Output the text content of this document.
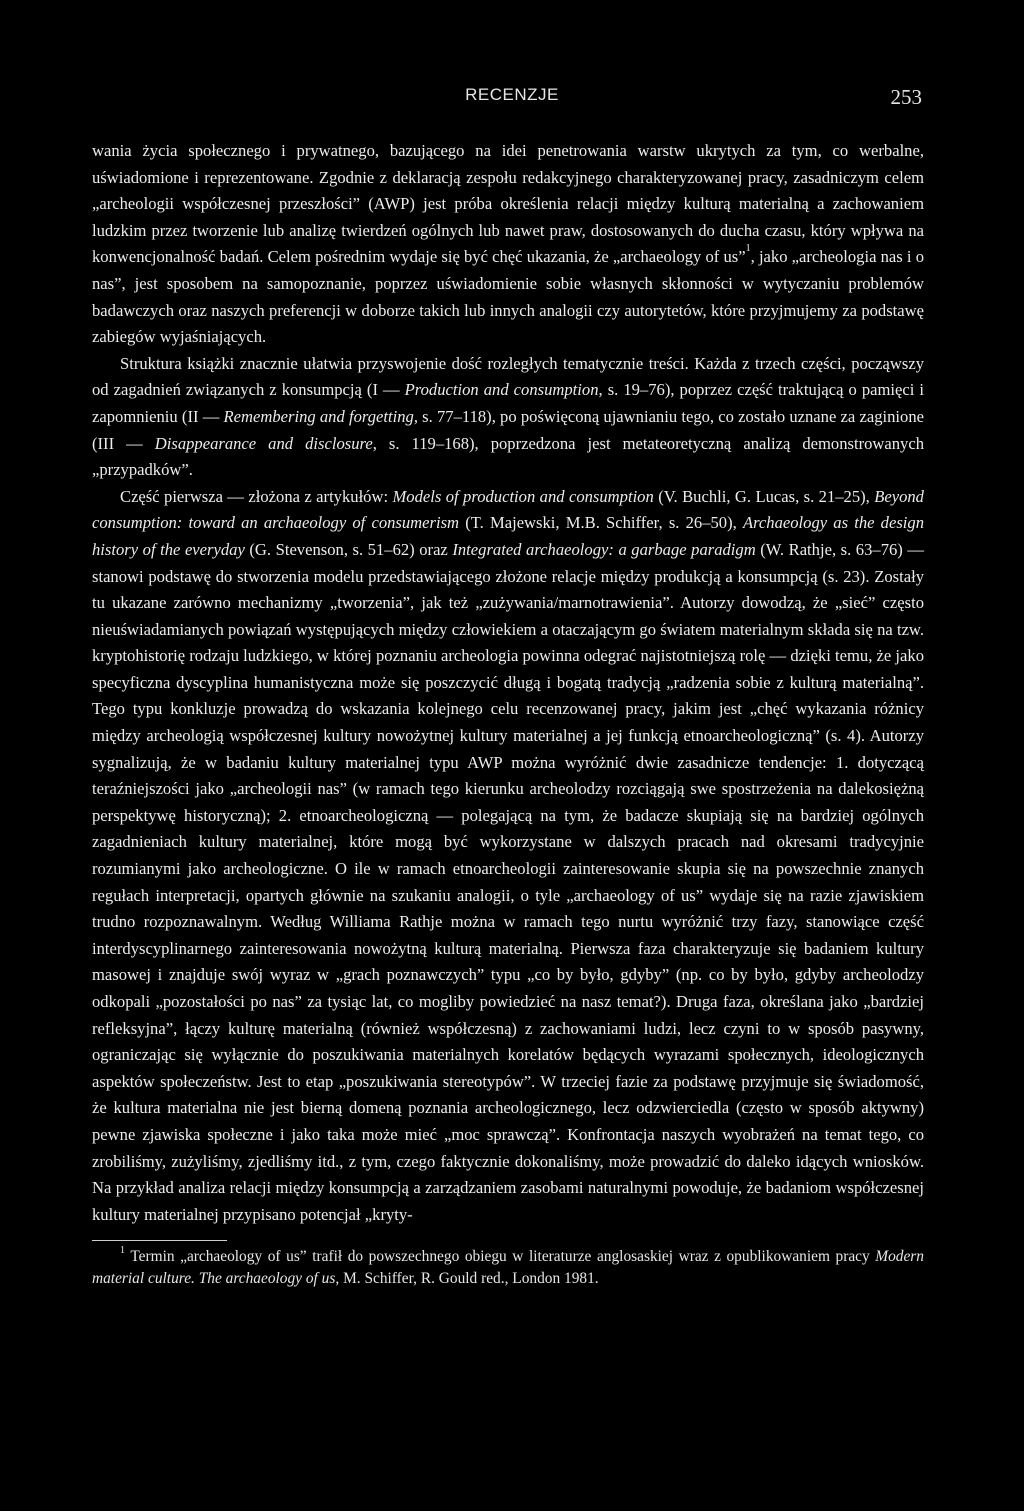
RECENZJE	253

wania życia społecznego i prywatnego, bazującego na idei penetrowania warstw ukrytych za tym, co werbalne, uświadomione i reprezentowane. Zgodnie z deklaracją zespołu redakcyjnego charakteryzowanej pracy, zasadniczym celem „archeologii współczesnej przeszłości” (AWP) jest próba określenia relacji między kulturą materialną a zachowaniem ludzkim przez tworzenie lub analizę twierdzeń ogólnych lub nawet praw, dostosowanych do ducha czasu, który wpływa na konwencjonalność badań. Celem pośrednim wydaje się być chęć ukazania, że „archaeology of us”$^1$, jako „archeologia nas i o nas”, jest sposobem na samopoznanie, poprzez uświadomienie sobie własnych skłonności w wytyczaniu problemów badawczych oraz naszych preferencji w doborze takich lub innych analogii czy autorytetów, które przyjmujemy za podstawę zabiegów wyjaśniających.

Struktura książki znacznie ułatwia przyswojenie dość rozległych tematycznie treści. Każda z trzech części, począwszy od zagadnień związanych z konsumpcją (I — Production and consumption, s. 19–76), poprzez część traktującą o pamięci i zapomnieniu (II — Remembering and forgetting, s. 77–118), po poświęconą ujawnianiu tego, co zostało uznane za zaginione (III — Disappearance and disclosure, s. 119–168), poprzedzona jest metateoretyczną analizą demonstrowanych „przypadków”.

Część pierwsza — złożona z artykułów: Models of production and consumption (V. Buchli, G. Lucas, s. 21–25), Beyond consumption: toward an archaeology of consumerism (T. Majewski, M.B. Schiffer, s. 26–50), Archaeology as the design history of the everyday (G. Stevenson, s. 51–62) oraz Integrated archaeology: a garbage paradigm (W. Rathje, s. 63–76) — stanowi podstawę do stworzenia modelu przedstawiającego złożone relacje między produkcją a konsumpcją (s. 23). Zostały tu ukazane zarówno mechanizmy „tworzenia”, jak też „zużywania/marnotrawienia”. Autorzy dowodzą, że „sieć” często nieuświadamianych powiązań występujących między człowiekiem a otaczającym go światem materialnym składa się na tzw. kryptohistorię rodzaju ludzkiego, w której poznaniu archeologia powinna odegrać najistotniejszą rolę — dzięki temu, że jako specyficzna dyscyplina humanistyczna może się poszczycić długą i bogatą tradycją „radzenia sobie z kulturą materialną”. Tego typu konkluzje prowadzą do wskazania kolejnego celu recenzowanej pracy, jakim jest „chęć wykazania różnicy między archeologią współczesnej kultury nowożytnej kultury materialnej a jej funkcją etnoarcheologiczną” (s. 4). Autorzy sygnalizują, że w badaniu kultury materialnej typu AWP można wyróżnić dwie zasadnicze tendencje: 1. dotyczącą teraźniejszości jako „archeologii nas” (w ramach tego kierunku archeolodzy rozciągają swe spostrzeżenia na dalekosiężną perspektywę historyczną); 2. etnoarcheologiczną — polegającą na tym, że badacze skupiają się na bardziej ogólnych zagadnieniach kultury materialnej, które mogą być wykorzystane w dalszych pracach nad okresami tradycyjnie rozumianymi jako archeologiczne. O ile w ramach etnoarcheologii zainteresowanie skupia się na powszechnie znanych regułach interpretacji, opartych głównie na szukaniu analogii, o tyle „archaeology of us” wydaje się na razie zjawiskiem trudno rozpoznawalnym. Według Williama Rathje można w ramach tego nurtu wyróżnić trzy fazy, stanowiące część interdyscyplinarnego zainteresowania nowożytną kulturą materialną. Pierwsza faza charakteryzuje się badaniem kultury masowej i znajduje swój wyraz w „grach poznawczych” typu „co by było, gdyby” (np. co by było, gdyby archeolodzy odkopali „pozostałości po nas” za tysiąc lat, co mogliby powiedzieć na nasz temat?). Druga faza, określana jako „bardziej refleksyjna”, łączy kulturę materialną (również współczesną) z zachowaniami ludzi, lecz czyni to w sposób pasywny, ograniczając się wyłącznie do poszukiwania materialnych korelatów będących wyrazami społecznych, ideologicznych aspektów społeczeństw. Jest to etap „poszukiwania stereotypów”. W trzeciej fazie za podstawę przyjmuje się świadomość, że kultura materialna nie jest bierną domeną poznania archeologicznego, lecz odzwierciedla (często w sposób aktywny) pewne zjawiska społeczne i jako taka może mieć „moc sprawczą”. Konfrontacja naszych wyobrażeń na temat tego, co zrobiliśmy, zużyliśmy, zjedliśmy itd., z tym, czego faktycznie dokonaliśmy, może prowadzić do daleko idących wniosków. Na przykład analiza relacji między konsumpcją a zarządzaniem zasobami naturalnymi powoduje, że badaniom współczesnej kultury materialnej przypisano potencjał „kryty-

$^1$ Termin „archaeology of us” trafił do powszechnego obiegu w literaturze anglosaskiej wraz z opublikowaniem pracy Modern material culture. The archaeology of us, M. Schiffer, R. Gould red., London 1981.
